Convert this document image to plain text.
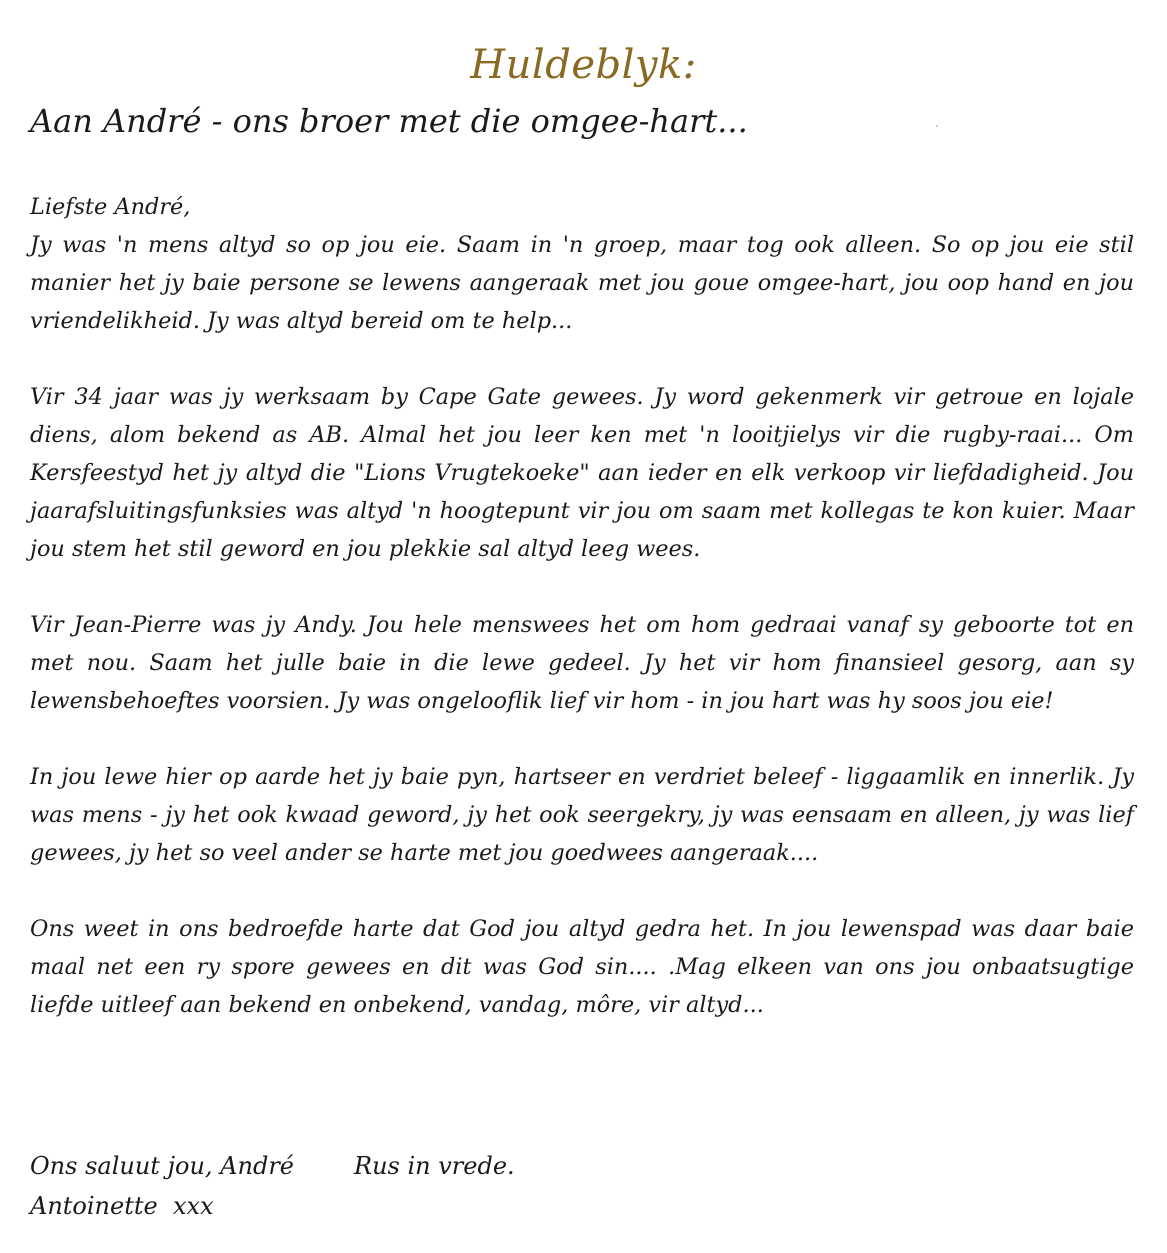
Huldeblyk:
Aan André - ons broer met die omgee-hart...

Liefste André,

Jy was 'n mens altyd so op jou eie. Saam in 'n groep, maar tog ook alleen. So op jou eie stil manier het jy baie persone se lewens aangeraak met jou goue omgee-hart, jou oop hand en jou vriendelikheid. Jy was altyd bereid om te help...

Vir 34 jaar was jy werksaam by Cape Gate gewees. Jy word gekenmerk vir getroue en lojale diens, alom bekend as AB. Almal het jou leer ken met 'n looitjielys vir die rugby-raai... Om Kersfeestyd het jy altyd die "Lions Vrugtekoeke" aan ieder en elk verkoop vir liefdadigheid. Jou jaarafsluitingsfunksies was altyd 'n hoogtepunt vir jou om saam met kollegas te kon kuier. Maar jou stem het stil geword en jou plekkie sal altyd leeg wees.

Vir Jean-Pierre was jy Andy. Jou hele menswees het om hom gedraai vanaf sy geboorte tot en met nou. Saam het julle baie in die lewe gedeel. Jy het vir hom finansieel gesorg, aan sy lewensbehoeftes voorsien. Jy was ongelooflik lief vir hom - in jou hart was hy soos jou eie!

In jou lewe hier op aarde het jy baie pyn, hartseer en verdriet beleef - liggaamlik en innerlik. Jy was mens - jy het ook kwaad geword, jy het ook seergekry, jy was eensaam en alleen, jy was lief gewees, jy het so veel ander se harte met jou goedwees aangeraak....

Ons weet in ons bedroefde harte dat God jou altyd gedra het. In jou lewenspad was daar baie maal net een ry spore gewees en dit was God sin.... .Mag elkeen van ons jou onbaatsugtige liefde uitleef aan bekend en onbekend, vandag, môre, vir altyd...

Ons saluut jou, André	Rus in vrede.
Antoinette  xxx
